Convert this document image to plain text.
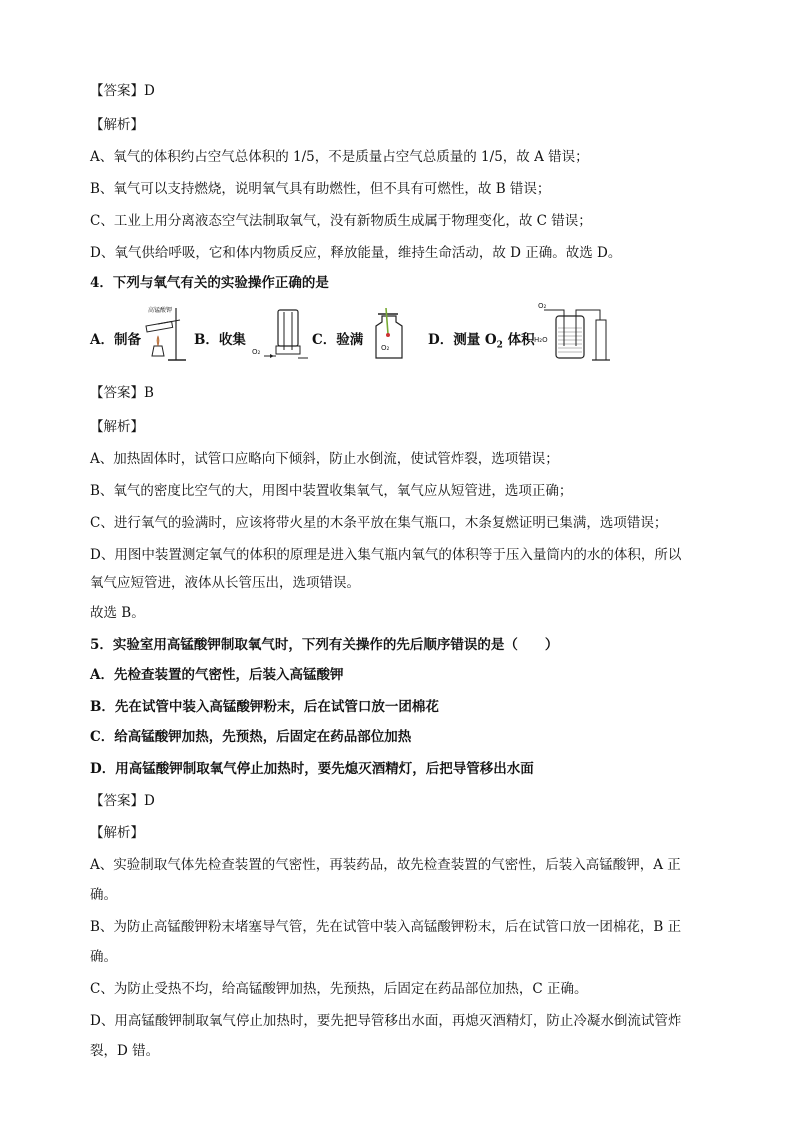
【答案】D
【解析】
A、氧气的体积约占空气总体积的 1/5，不是质量占空气总质量的 1/5，故 A 错误；
B、氧气可以支持燃烧，说明氧气具有助燃性，但不具有可燃性，故 B 错误；
C、工业上用分离液态空气法制取氧气，没有新物质生成属于物理变化，故 C 错误；
D、氧气供给呼吸，它和体内物质反应，释放能量，维持生命活动，故 D 正确。故选 D。
4．下列与氧气有关的实验操作正确的是
A．制备
高锰酸钾
B．收集
O₂
C．验满	O₂	D．测量 $O_2$ 体积
O₂
H₂O
【答案】B
【解析】
A、加热固体时，试管口应略向下倾斜，防止水倒流，使试管炸裂，选项错误；
B、氧气的密度比空气的大，用图中装置收集氧气，氧气应从短管进，选项正确；
C、进行氧气的验满时，应该将带火星的木条平放在集气瓶口，木条复燃证明已集满，选项错误；
D、用图中装置测定氧气的体积的原理是进入集气瓶内氧气的体积等于压入量筒内的水的体积，所以
氧气应短管进，液体从长管压出，选项错误。
故选 B。
5．实验室用高锰酸钾制取氧气时，下列有关操作的先后顺序错误的是（　　）
A．先检查装置的气密性，后装入高锰酸钾
B．先在试管中装入高锰酸钾粉末，后在试管口放一团棉花
C．给高锰酸钾加热，先预热，后固定在药品部位加热
D．用高锰酸钾制取氧气停止加热时，要先熄灭酒精灯，后把导管移出水面
【答案】D
【解析】
A、实验制取气体先检查装置的气密性，再装药品，故先检查装置的气密性，后装入高锰酸钾，A 正
确。
B、为防止高锰酸钾粉末堵塞导气管，先在试管中装入高锰酸钾粉末，后在试管口放一团棉花，B 正
确。
C、为防止受热不均，给高锰酸钾加热，先预热，后固定在药品部位加热，C 正确。
D、用高锰酸钾制取氧气停止加热时，要先把导管移出水面，再熄灭酒精灯，防止冷凝水倒流试管炸
裂，D 错。
